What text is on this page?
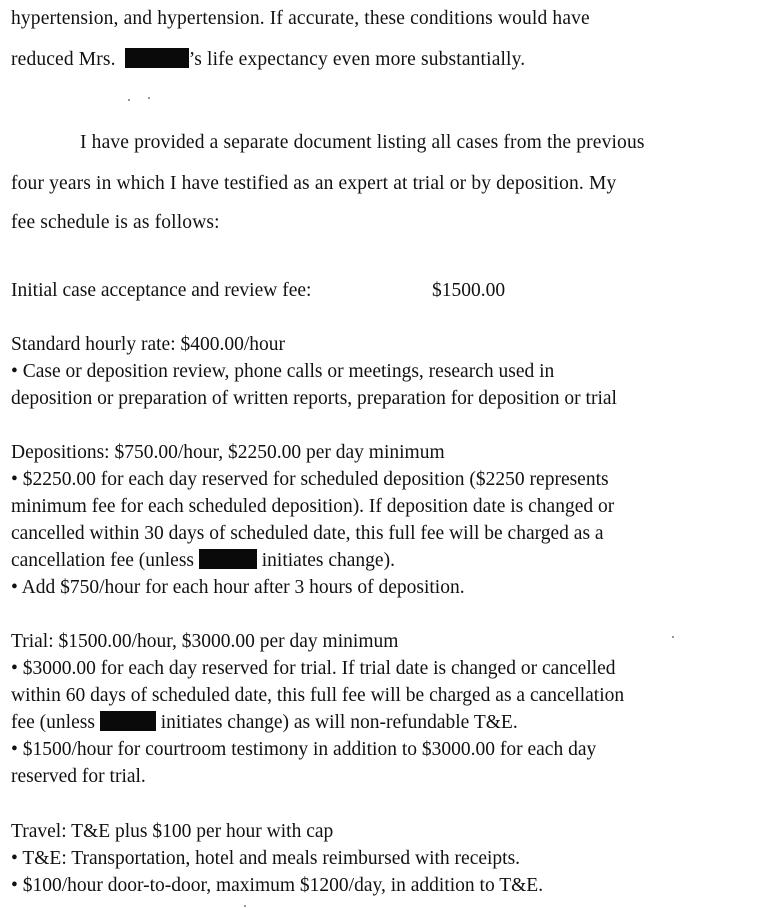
hypertension, and hypertension. If accurate, these conditions would have
reduced Mrs.	’s life expectancy even more substantially.
I have provided a separate document listing all cases from the previous
four years in which I have testified as an expert at trial or by deposition. My
fee schedule is as follows:
Initial case acceptance and review fee:	$1500.00
Standard hourly rate: $400.00/hour
• Case or deposition review, phone calls or meetings, research used in
deposition or preparation of written reports, preparation for deposition or trial
Depositions: $750.00/hour, $2250.00 per day minimum
• $2250.00 for each day reserved for scheduled deposition ($2250 represents
minimum fee for each scheduled deposition). If deposition date is changed or
cancelled within 30 days of scheduled date, this full fee will be charged as a
cancellation fee (unless	initiates change).
• Add $750/hour for each hour after 3 hours of deposition.
Trial: $1500.00/hour, $3000.00 per day minimum
• $3000.00 for each day reserved for trial. If trial date is changed or cancelled
within 60 days of scheduled date, this full fee will be charged as a cancellation
fee (unless	initiates change) as will non-refundable T&E.
• $1500/hour for courtroom testimony in addition to $3000.00 for each day
reserved for trial.
Travel: T&E plus $100 per hour with cap
• T&E: Transportation, hotel and meals reimbursed with receipts.
• $100/hour door-to-door, maximum $1200/day, in addition to T&E.
